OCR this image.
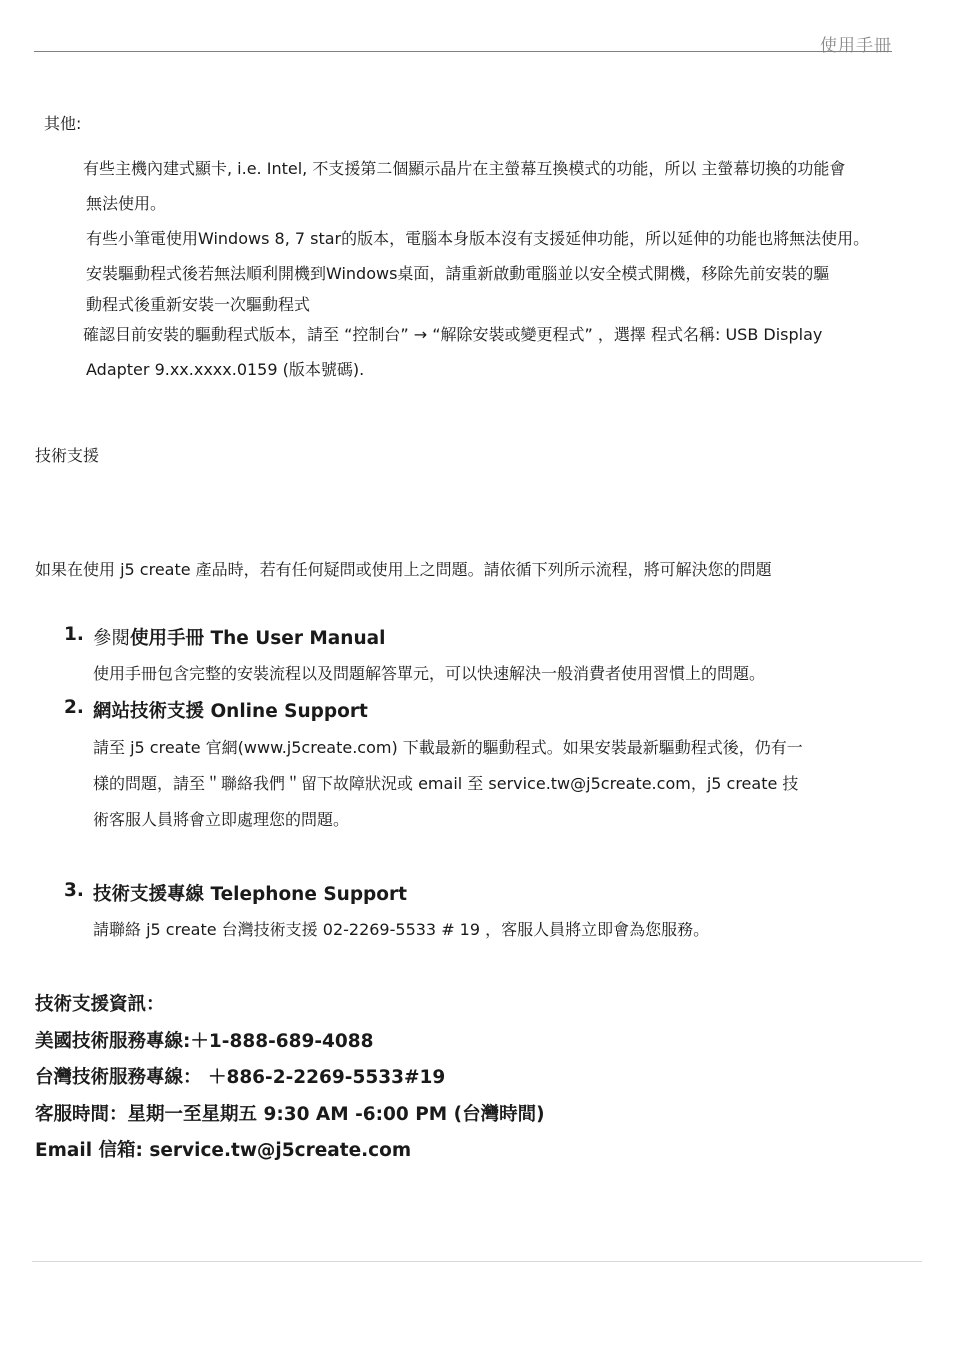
使用手冊
其他:
有些主機內建式顯卡, i.e. Intel, 不支援第二個顯示晶片在主螢幕互換模式的功能，所以 主螢幕切換的功能會
無法使用。
有些小筆電使用Windows 8, 7 star的版本，電腦本身版本沒有支援延伸功能，所以延伸的功能也將無法使用。
安裝驅動程式後若無法順利開機到Windows桌面，請重新啟動電腦並以安全模式開機，移除先前安裝的驅
動程式後重新安裝一次驅動程式
確認目前安裝的驅動程式版本，請至 “控制台” → “解除安裝或變更程式” ，選擇 程式名稱: USB Display
Adapter 9.xx.xxxx.0159 (版本號碼).
技術支援
如果在使用 j5 create 產品時，若有任何疑問或使用上之問題。請依循下列所示流程，將可解決您的問題
1. 參閱使用手冊 The User Manual
使用手冊包含完整的安裝流程以及問題解答單元，可以快速解決一般消費者使用習慣上的問題。
2. 網站技術支援 Online Support
請至 j5 create 官網(www.j5create.com) 下載最新的驅動程式。如果安裝最新驅動程式後，仍有一
樣的問題，請至＂聯絡我們＂留下故障狀況或 email 至 service.tw@j5create.com，j5 create 技
術客服人員將會立即處理您的問題。
3. 技術支援專線 Telephone Support
請聯絡 j5 create 台灣技術支援 02-2269-5533 # 19 ，客服人員將立即會為您服務。
技術支援資訊：
美國技術服務專線:＋1-888-689-4088
台灣技術服務專線： ＋886-2-2269-5533#19
客服時間：星期一至星期五 9:30 AM -6:00 PM (台灣時間)
Email 信箱: service.tw@j5create.com
